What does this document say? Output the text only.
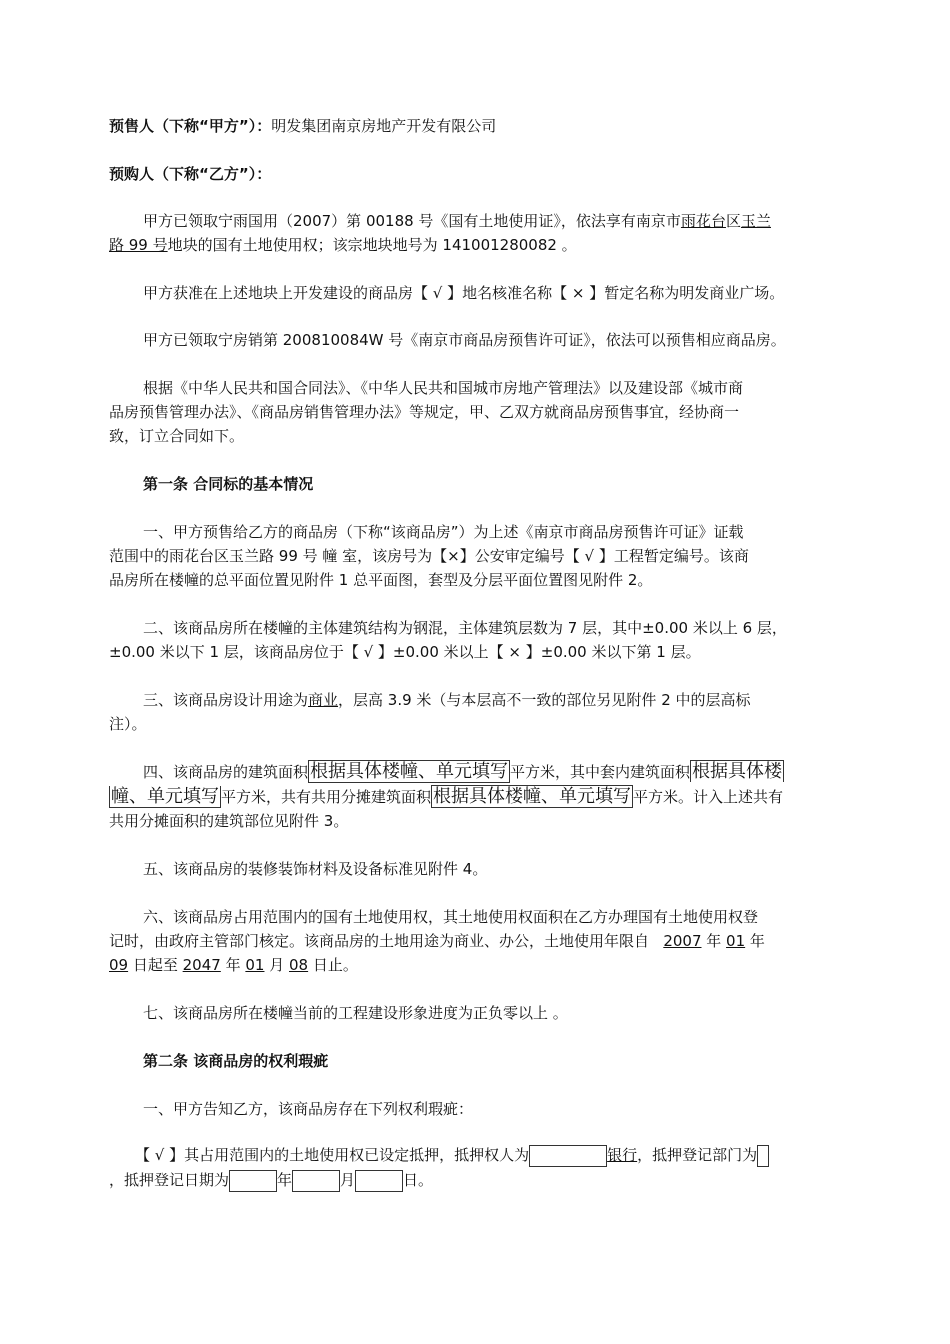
预售人（下称“甲方”）：明发集团南京房地产开发有限公司
预购人（下称“乙方”）：
甲方已领取宁雨国用（2007）第 00188 号《国有土地使用证》，依法享有南京市雨花台区玉兰
路 99 号地块的国有土地使用权；该宗地块地号为 141001280082 。
甲方获准在上述地块上开发建设的商品房【 √ 】地名核准名称【 × 】暂定名称为明发商业广场。
甲方已领取宁房销第 200810084W 号《南京市商品房预售许可证》，依法可以预售相应商品房。
根据《中华人民共和国合同法》、《中华人民共和国城市房地产管理法》以及建设部《城市商
品房预售管理办法》、《商品房销售管理办法》等规定，甲、乙双方就商品房预售事宜，经协商一
致，订立合同如下。
第一条 合同标的基本情况
一、甲方预售给乙方的商品房（下称“该商品房”）为上述《南京市商品房预售许可证》证载
范围中的雨花台区玉兰路 99 号 幢 室，该房号为【×】公安审定编号【 √ 】工程暂定编号。该商
品房所在楼幢的总平面位置见附件 1 总平面图，套型及分层平面位置图见附件 2。
二、该商品房所在楼幢的主体建筑结构为钢混，主体建筑层数为 7 层，其中±0.00 米以上 6 层，
±0.00 米以下 1 层，该商品房位于【 √ 】±0.00 米以上【 × 】±0.00 米以下第 1 层。
三、该商品房设计用途为商业，层高 3.9 米（与本层高不一致的部位另见附件 2 中的层高标
注）。
四、该商品房的建筑面积 根据具体楼幢、单元填写 平方米，其中套内建筑面积 根据具体楼
幢、单元填写 平方米，共有共用分摊建筑面积 根据具体楼幢、单元填写 平方米。计入上述共有
共用分摊面积的建筑部位见附件 3。
五、该商品房的装修装饰材料及设备标准见附件 4。
六、该商品房占用范围内的国有土地使用权，其土地使用权面积在乙方办理国有土地使用权登
记时，由政府主管部门核定。该商品房的土地用途为商业、办公，土地使用年限自   2007 年 01 年
09 日起至 2047 年 01 月 08 日止。
七、该商品房所在楼幢当前的工程建设形象进度为正负零以上 。
第二条 该商品房的权利瑕疵
一、甲方告知乙方，该商品房存在下列权利瑕疵：
【 √ 】其占用范围内的土地使用权已设定抵押，抵押权人为	银行，抵押登记部门为
，抵押登记日期为	年	月	日。
